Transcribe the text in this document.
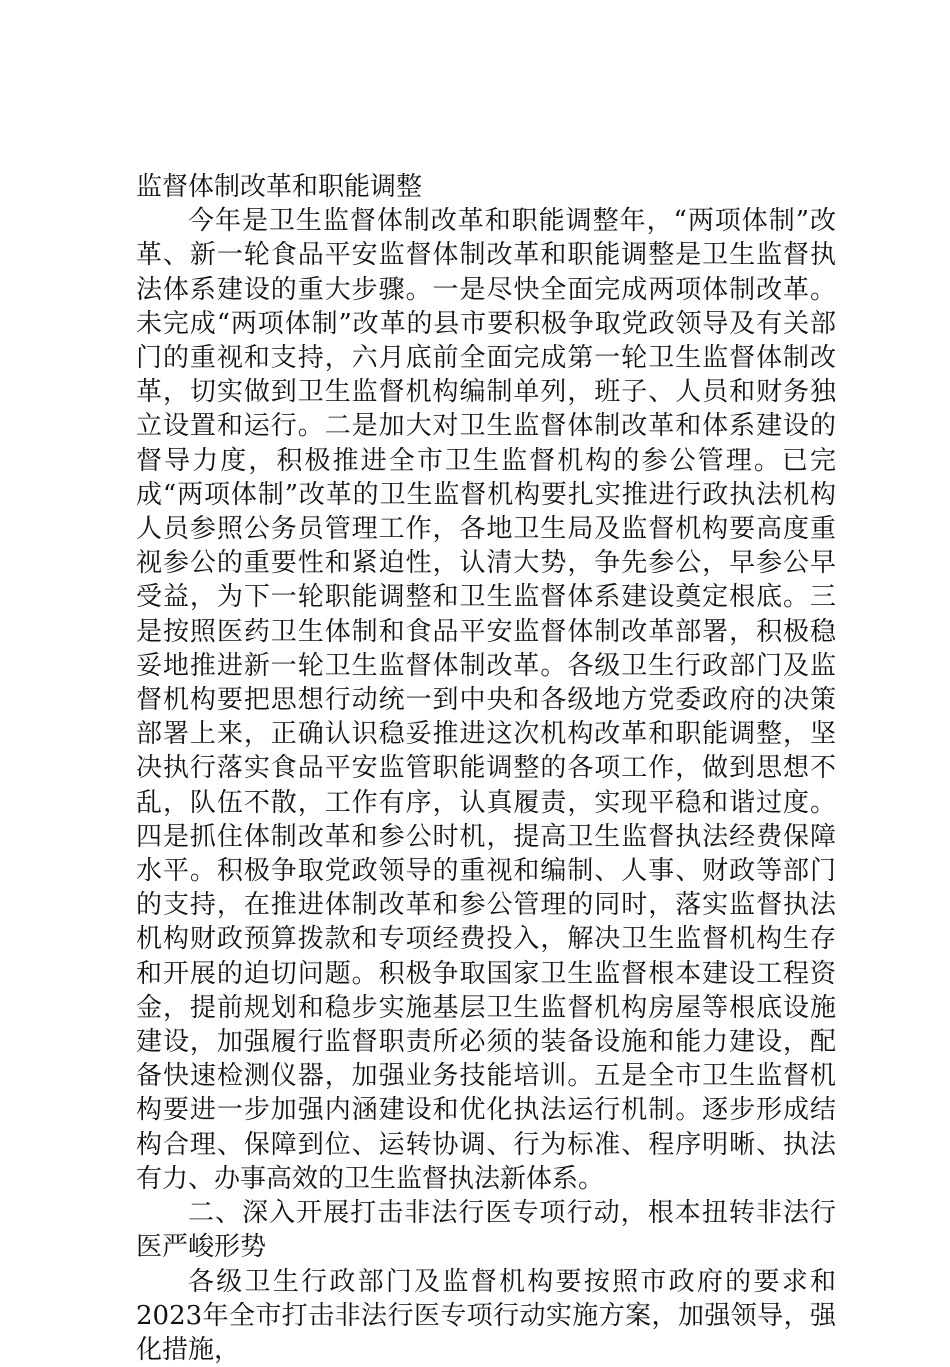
监督体制改革和职能调整

今年是卫生监督体制改革和职能调整年，“两项体制”改革、新一轮食品平安监督体制改革和职能调整是卫生监督执法体系建设的重大步骤。一是尽快全面完成两项体制改革。未完成“两项体制”改革的县市要积极争取党政领导及有关部门的重视和支持，六月底前全面完成第一轮卫生监督体制改革，切实做到卫生监督机构编制单列，班子、人员和财务独立设置和运行。二是加大对卫生监督体制改革和体系建设的督导力度，积极推进全市卫生监督机构的参公管理。已完成“两项体制”改革的卫生监督机构要扎实推进行政执法机构人员参照公务员管理工作，各地卫生局及监督机构要高度重视参公的重要性和紧迫性，认清大势，争先参公，早参公早受益，为下一轮职能调整和卫生监督体系建设奠定根底。三是按照医药卫生体制和食品平安监督体制改革部署，积极稳妥地推进新一轮卫生监督体制改革。各级卫生行政部门及监督机构要把思想行动统一到中央和各级地方党委政府的决策部署上来，正确认识稳妥推进这次机构改革和职能调整，坚决执行落实食品平安监管职能调整的各项工作，做到思想不乱，队伍不散，工作有序，认真履责，实现平稳和谐过度。四是抓住体制改革和参公时机，提高卫生监督执法经费保障水平。积极争取党政领导的重视和编制、人事、财政等部门的支持，在推进体制改革和参公管理的同时，落实监督执法机构财政预算拨款和专项经费投入，解决卫生监督机构生存和开展的迫切问题。积极争取国家卫生监督根本建设工程资金，提前规划和稳步实施基层卫生监督机构房屋等根底设施建设，加强履行监督职责所必须的装备设施和能力建设，配备快速检测仪器，加强业务技能培训。五是全市卫生监督机构要进一步加强内涵建设和优化执法运行机制。逐步形成结构合理、保障到位、运转协调、行为标准、程序明晰、执法有力、办事高效的卫生监督执法新体系。

二、深入开展打击非法行医专项行动，根本扭转非法行医严峻形势

各级卫生行政部门及监督机构要按照市政府的要求和2023年全市打击非法行医专项行动实施方案，加强领导，强化措施，
